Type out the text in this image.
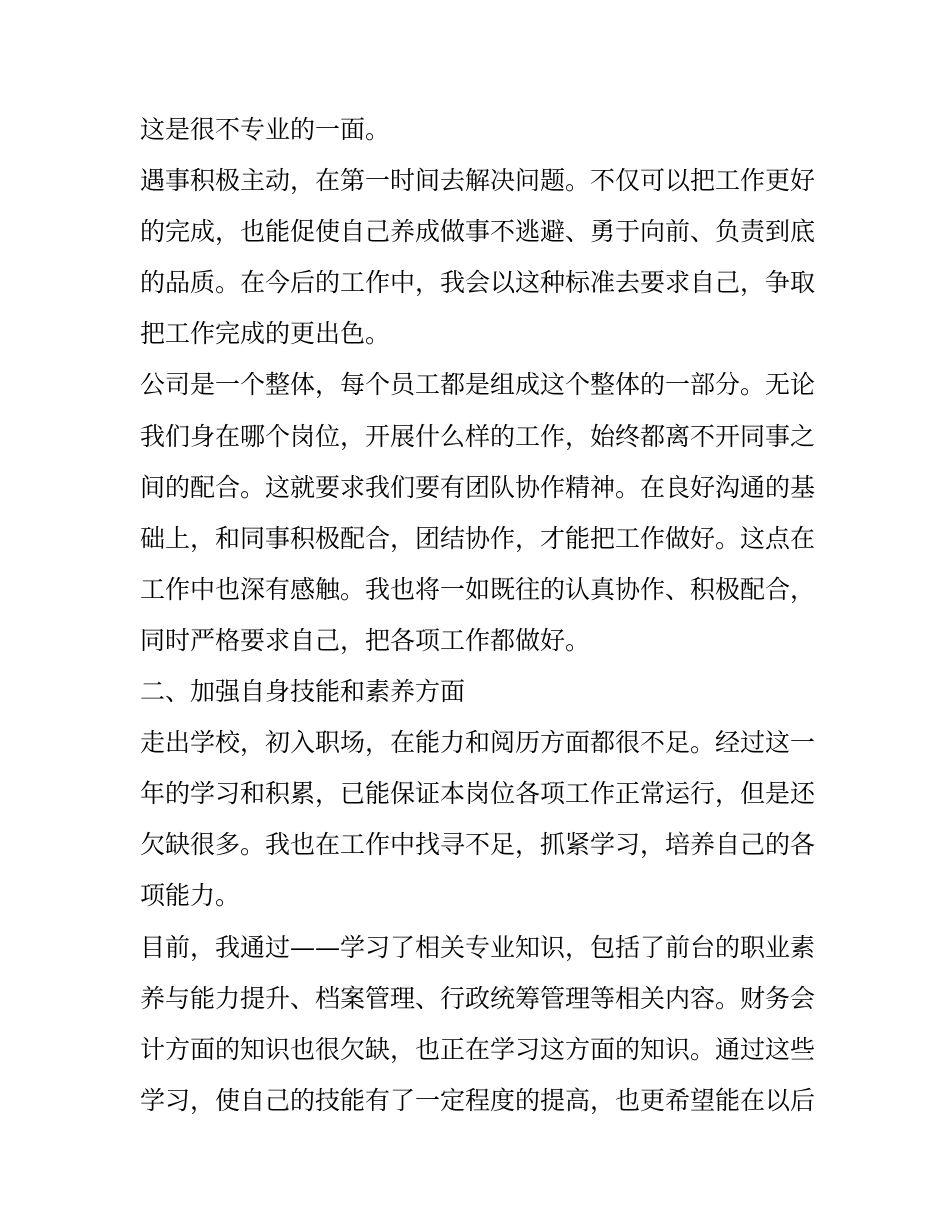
这是很不专业的一面。
遇事积极主动，在第一时间去解决问题。不仅可以把工作更好
的完成，也能促使自己养成做事不逃避、勇于向前、负责到底
的品质。在今后的工作中，我会以这种标准去要求自己，争取
把工作完成的更出色。
公司是一个整体，每个员工都是组成这个整体的一部分。无论
我们身在哪个岗位，开展什么样的工作，始终都离不开同事之
间的配合。这就要求我们要有团队协作精神。在良好沟通的基
础上，和同事积极配合，团结协作，才能把工作做好。这点在
工作中也深有感触。我也将一如既往的认真协作、积极配合，
同时严格要求自己，把各项工作都做好。
二、加强自身技能和素养方面
走出学校，初入职场，在能力和阅历方面都很不足。经过这一
年的学习和积累，已能保证本岗位各项工作正常运行，但是还
欠缺很多。我也在工作中找寻不足，抓紧学习，培养自己的各
项能力。
目前，我通过——学习了相关专业知识，包括了前台的职业素
养与能力提升、档案管理、行政统筹管理等相关内容。财务会
计方面的知识也很欠缺，也正在学习这方面的知识。通过这些
学习，使自己的技能有了一定程度的提高，也更希望能在以后
